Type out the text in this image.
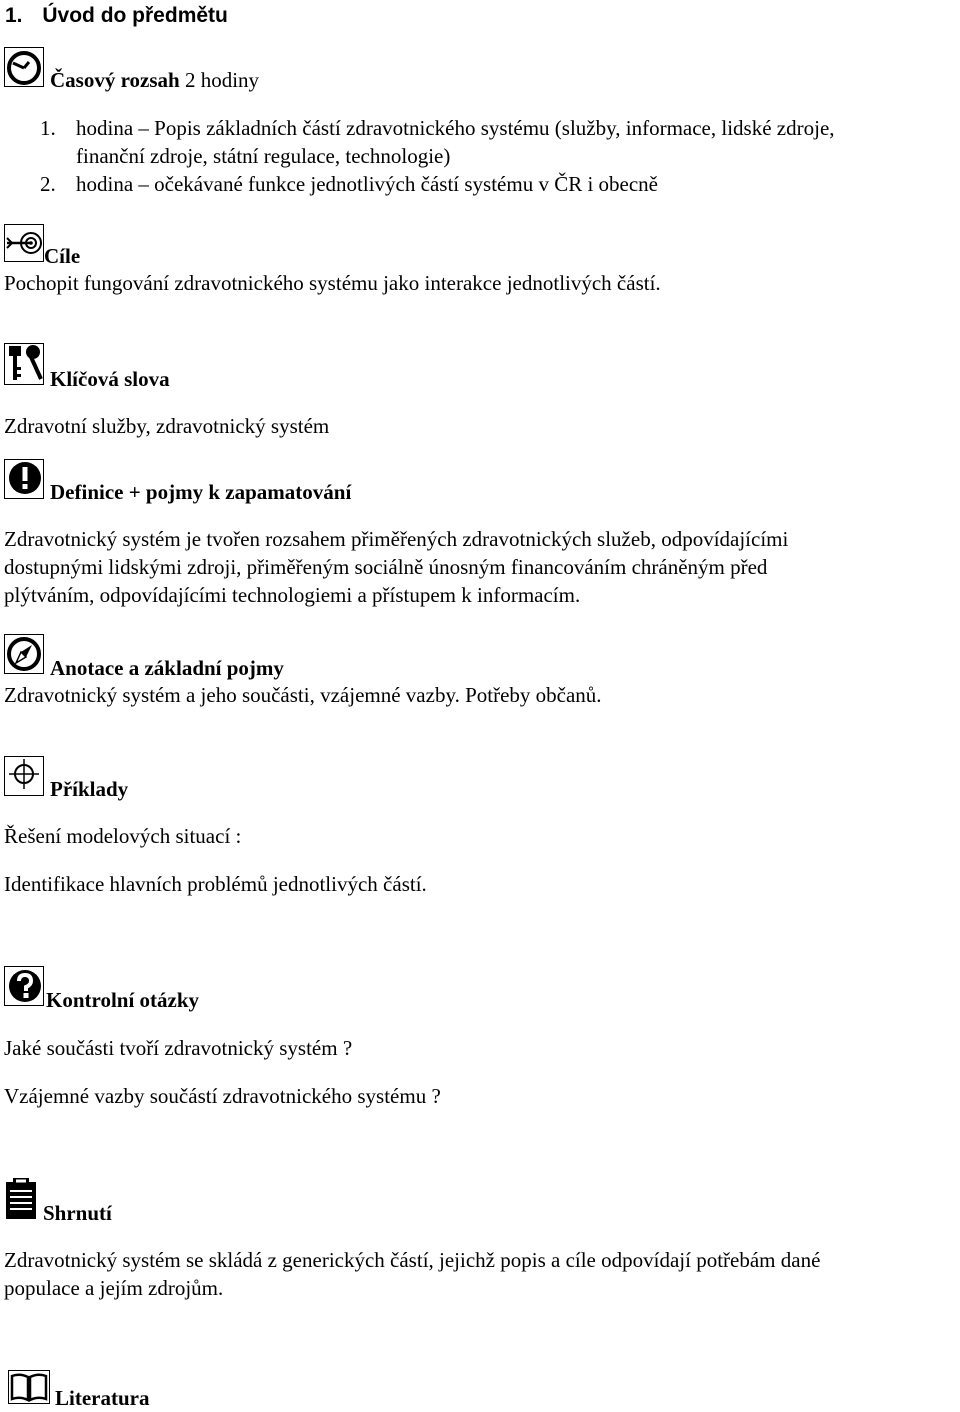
1. Úvod do předmětu
Časový rozsah 2 hodiny
1. hodina – Popis základních částí zdravotnického systému (služby, informace, lidské zdroje,
finanční zdroje, státní regulace, technologie)
2. hodina – očekávané funkce jednotlivých částí systému v ČR i obecně
Cíle
Pochopit fungování zdravotnického systému jako interakce jednotlivých částí.
Klíčová slova
Zdravotní služby, zdravotnický systém
Definice + pojmy k zapamatování
Zdravotnický systém je tvořen rozsahem přiměřených zdravotnických služeb, odpovídajícími
dostupnými lidskými zdroji, přiměřeným sociálně únosným financováním chráněným před
plýtváním, odpovídajícími technologiemi a přístupem k informacím.
Anotace a základní pojmy
Zdravotnický systém a jeho součásti, vzájemné vazby. Potřeby občanů.
Příklady
Řešení modelových situací :
Identifikace hlavních problémů jednotlivých částí.
Kontrolní otázky
Jaké součásti tvoří zdravotnický systém ?
Vzájemné vazby součástí zdravotnického systému ?
Shrnutí
Zdravotnický systém se skládá z generických částí, jejichž popis a cíle odpovídají potřebám dané
populace a jejím zdrojům.
Literatura
